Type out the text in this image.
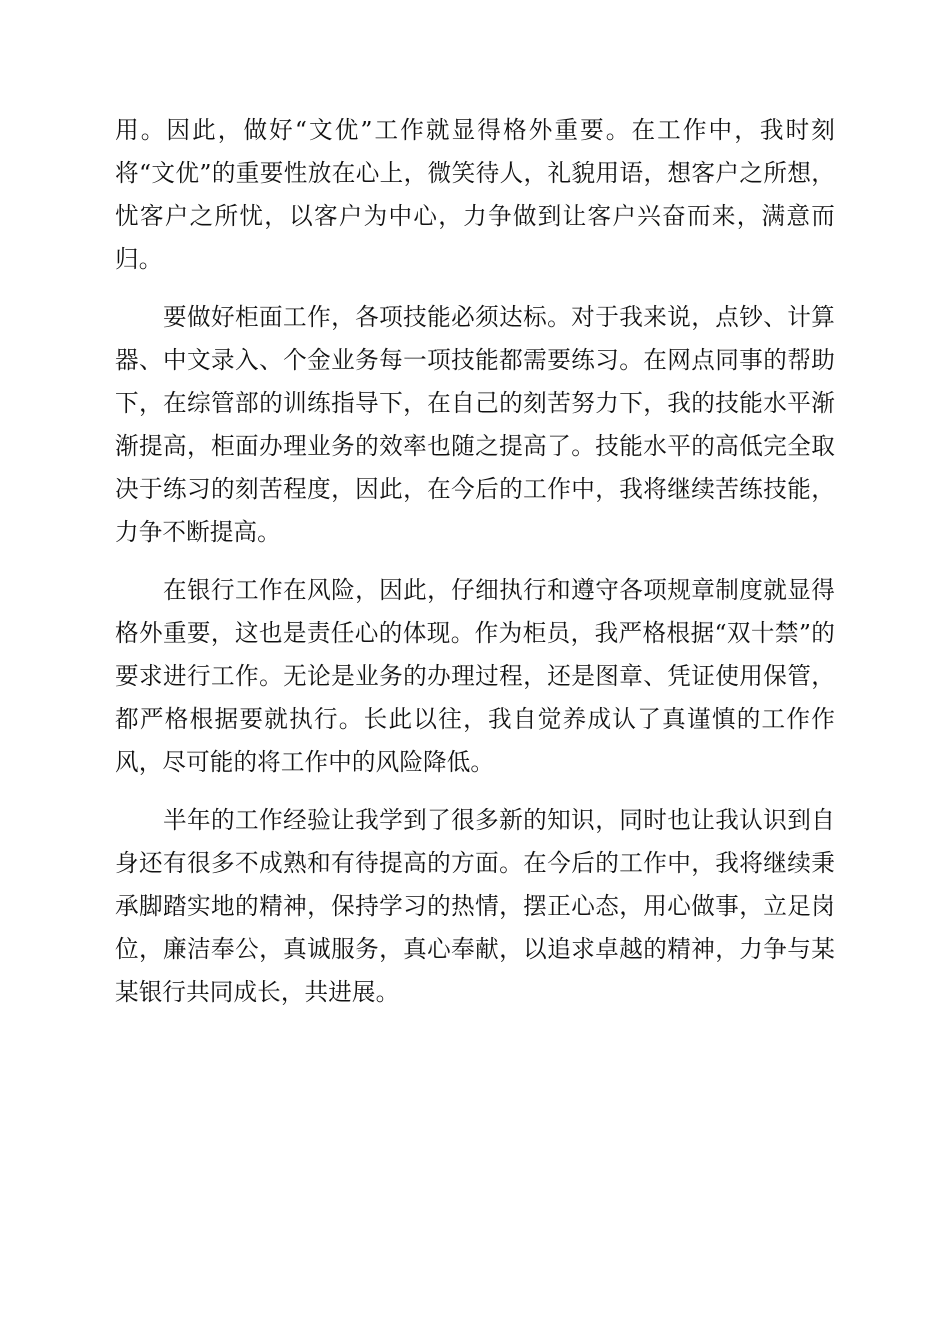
用。因此，做好“文优”工作就显得格外重要。在工作中，我时刻将“文优”的重要性放在心上，微笑待人，礼貌用语，想客户之所想，忧客户之所忧，以客户为中心，力争做到让客户兴奋而来，满意而归。

要做好柜面工作，各项技能必须达标。对于我来说，点钞、计算器、中文录入、个金业务每一项技能都需要练习。在网点同事的帮助下，在综管部的训练指导下，在自己的刻苦努力下，我的技能水平渐渐提高，柜面办理业务的效率也随之提高了。技能水平的高低完全取决于练习的刻苦程度，因此，在今后的工作中，我将继续苦练技能，力争不断提高。

在银行工作在风险，因此，仔细执行和遵守各项规章制度就显得格外重要，这也是责任心的体现。作为柜员，我严格根据“双十禁”的要求进行工作。无论是业务的办理过程，还是图章、凭证使用保管，都严格根据要就执行。长此以往，我自觉养成认了真谨慎的工作作风，尽可能的将工作中的风险降低。

半年的工作经验让我学到了很多新的知识，同时也让我认识到自身还有很多不成熟和有待提高的方面。在今后的工作中，我将继续秉承脚踏实地的精神，保持学习的热情，摆正心态，用心做事，立足岗位，廉洁奉公，真诚服务，真心奉献，以追求卓越的精神，力争与某某银行共同成长，共进展。
